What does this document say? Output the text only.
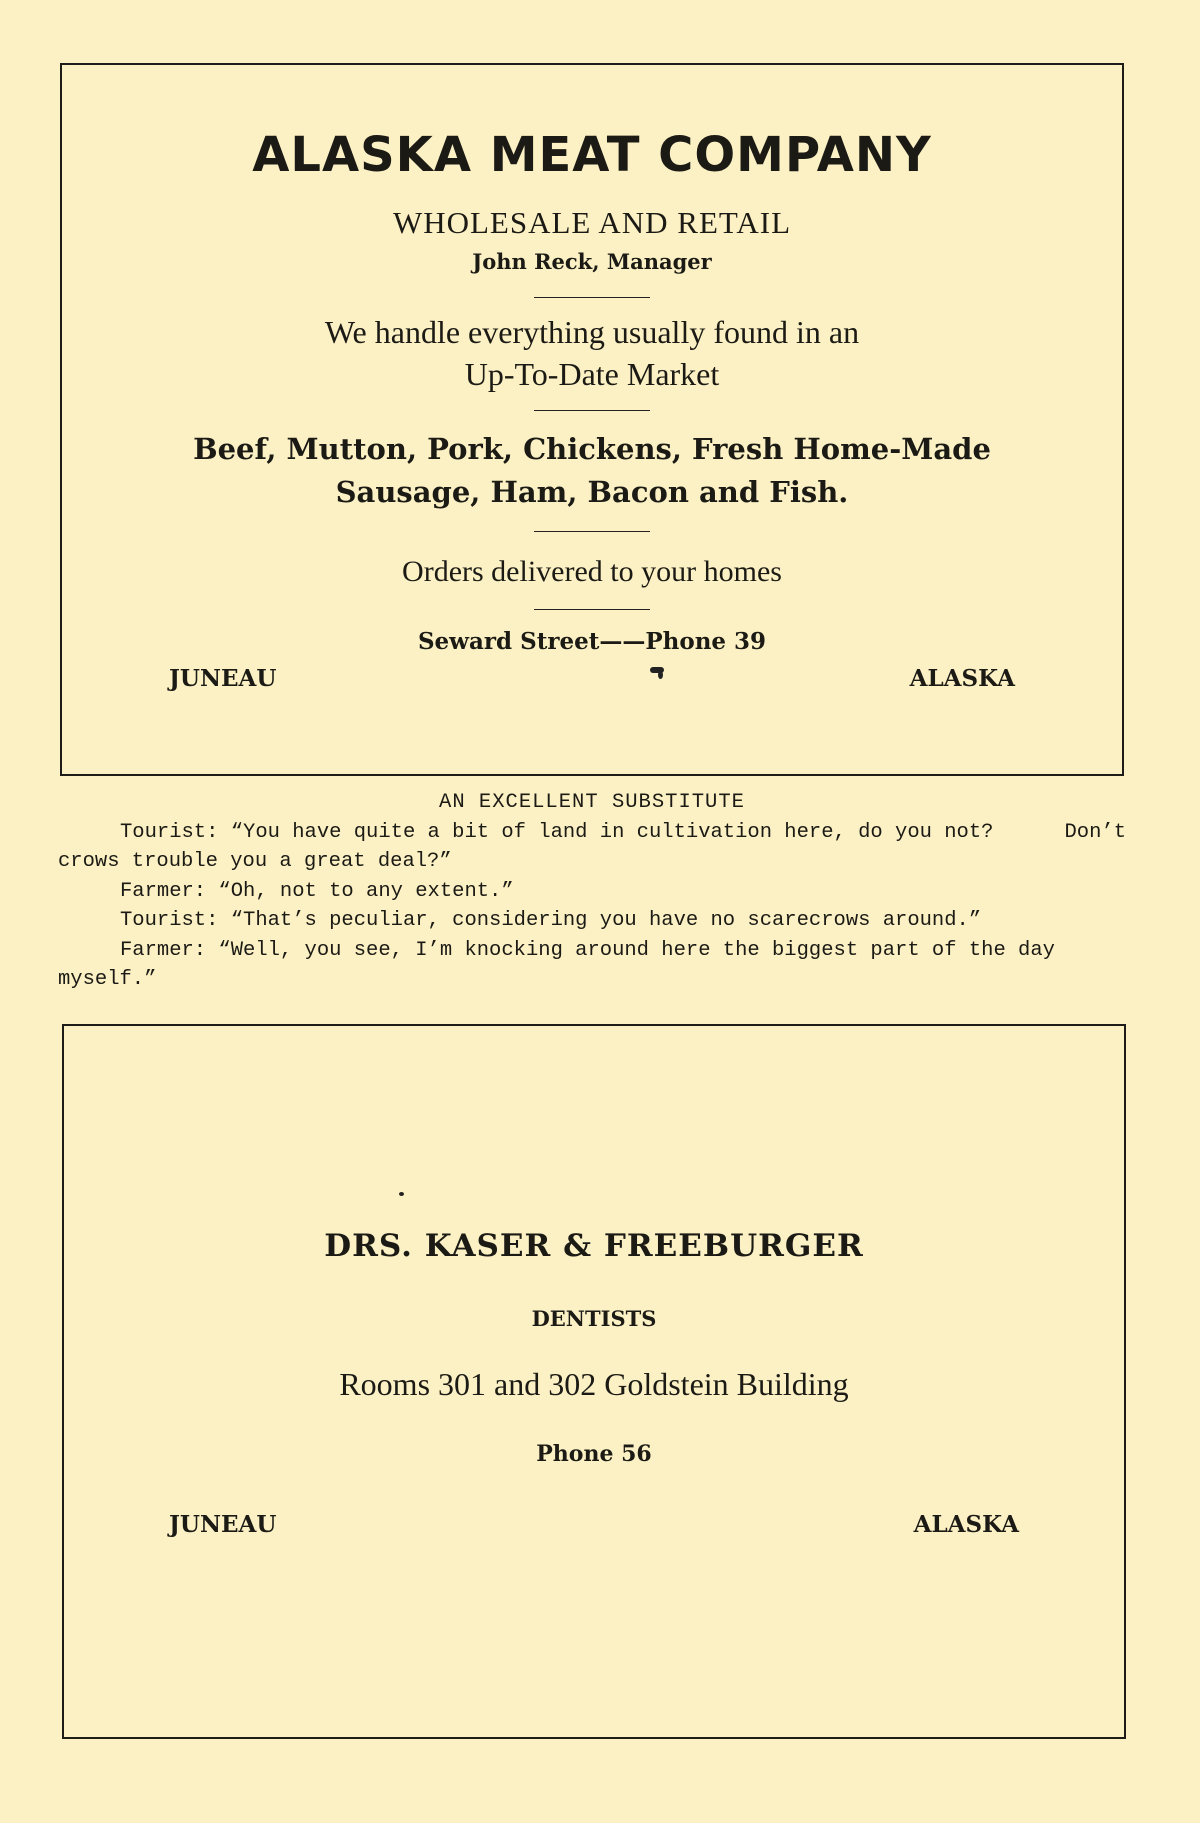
ALASKA MEAT COMPANY
WHOLESALE AND RETAIL
John Reck, Manager
We handle everything usually found in an
Up-To-Date Market
Beef, Mutton, Pork, Chickens, Fresh Home-Made
Sausage, Ham, Bacon and Fish.
Orders delivered to your homes
Seward Street——Phone 39
JUNEAU	ALASKA
AN EXCELLENT SUBSTITUTE
Tourist: “You have quite a bit of land in cultivation here, do you not?	Don’t
crows trouble you a great deal?”
Farmer: “Oh, not to any extent.”
Tourist: “That’s peculiar, considering you have no scarecrows around.”
Farmer: “Well, you see, I’m knocking around here the biggest part of the day
myself.”
DRS. KASER & FREEBURGER
DENTISTS
Rooms 301 and 302 Goldstein Building
Phone 56
JUNEAU	ALASKA
